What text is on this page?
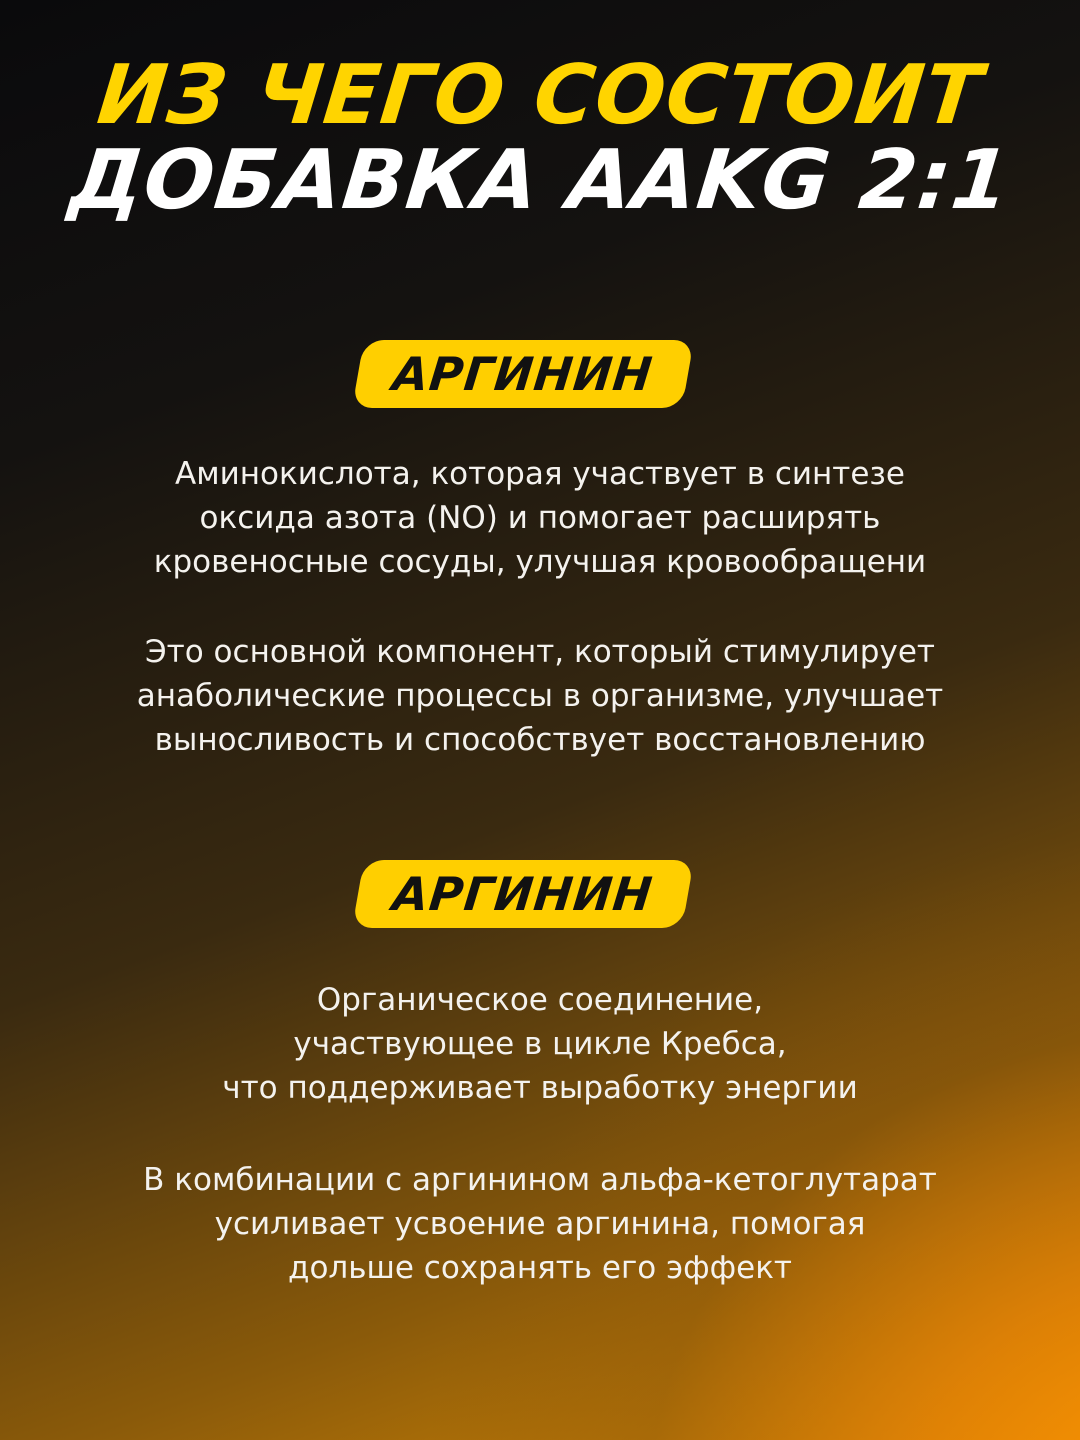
ИЗ ЧЕГО СОСТОИТ
ДОБАВКА AAKG 2:1
АРГИНИН

Аминокислота, которая участвует в синтезе
оксида азота (NO) и помогает расширять
кровеносные сосуды, улучшая кровообращени

Это основной компонент, который стимулирует
анаболические процессы в организме, улучшает
выносливость и способствует восстановлению

АРГИНИН

Органическое соединение,
участвующее в цикле Кребса,
что поддерживает выработку энергии

В комбинации с аргинином альфа-кетоглутарат
усиливает усвоение аргинина, помогая
дольше сохранять его эффект
